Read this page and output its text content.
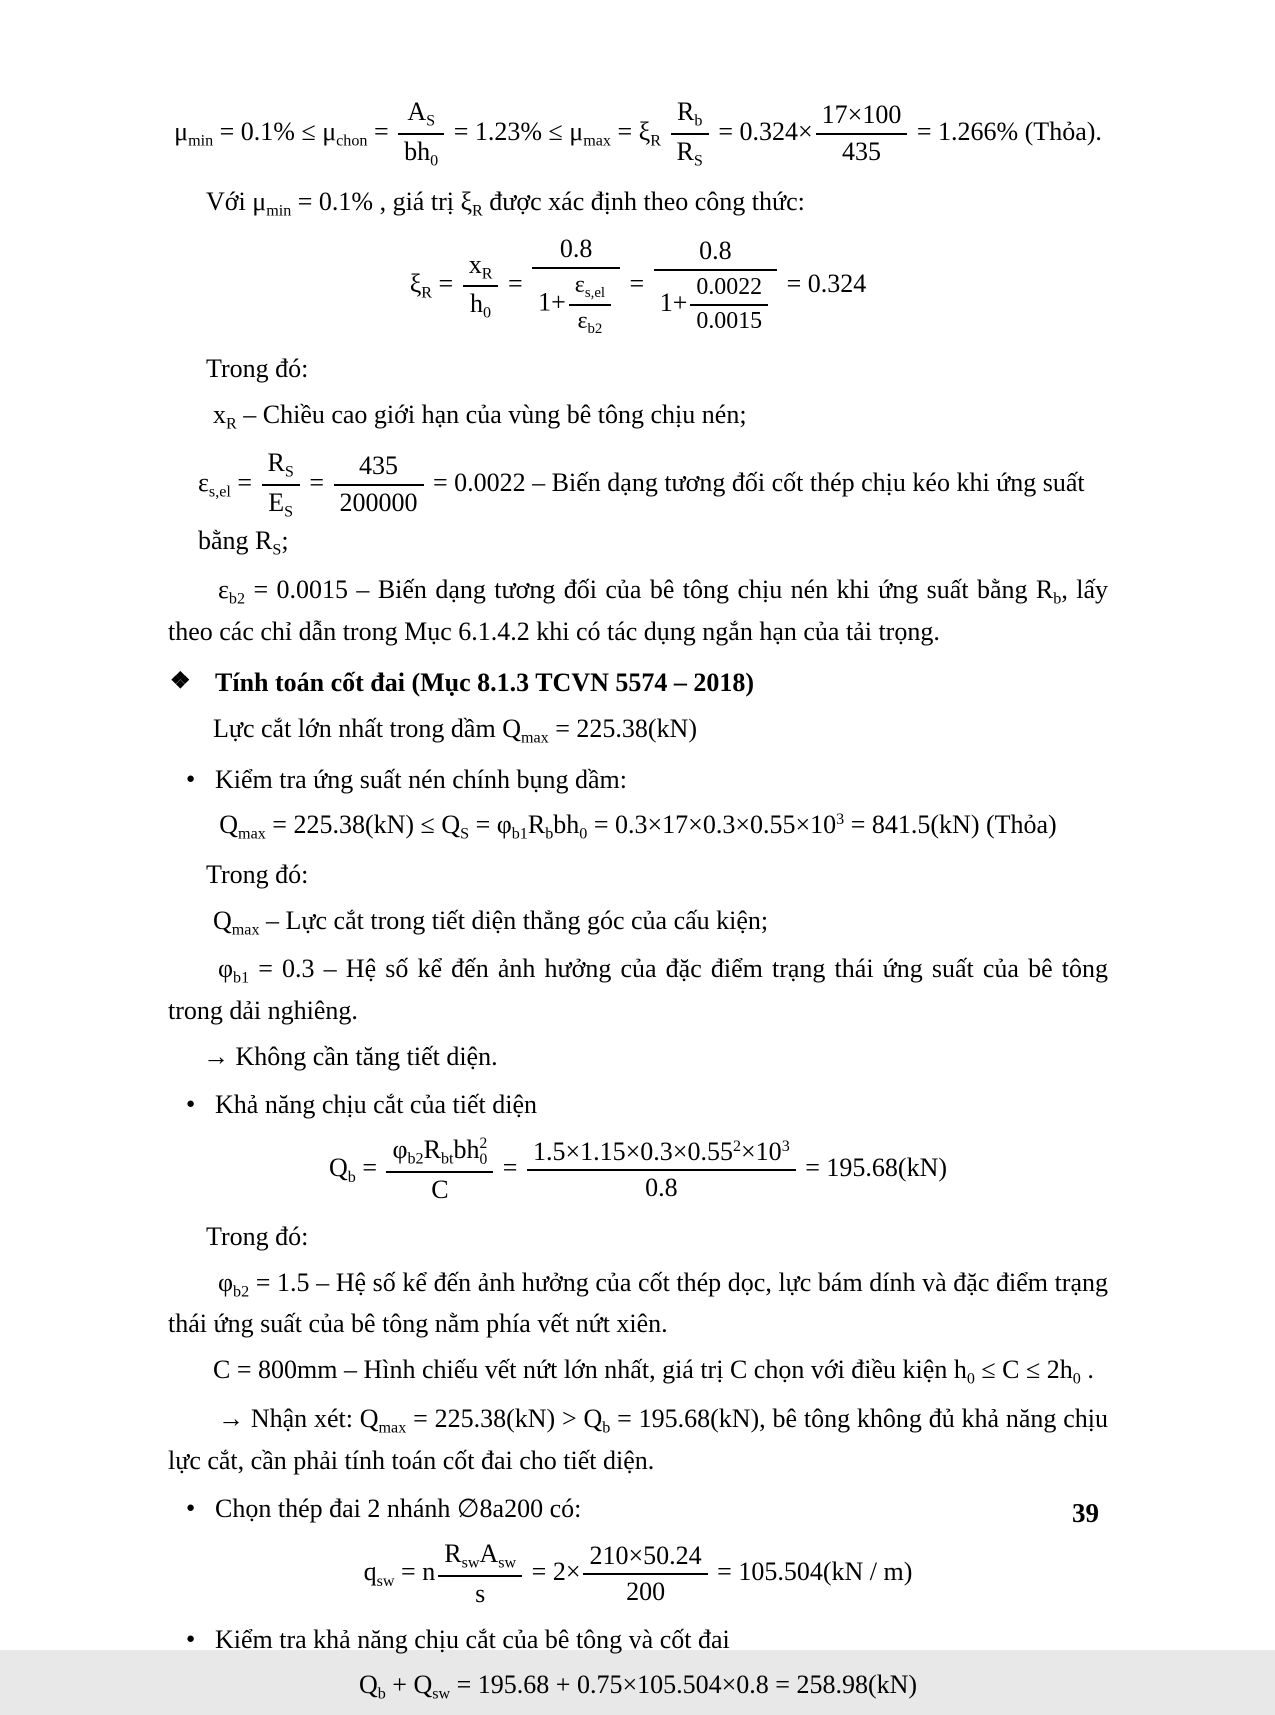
$\mu_{min} = 0.1\% \le \mu_{chon} = \frac{A_S}{bh_0} = 1.23\% \le \mu_{max} = \xi_R \frac{R_b}{R_S} = 0.324\times \frac{17\times 100}{435} = 1.266\%$ (Thỏa).

Với $\mu_{min} = 0.1\%$ , giá trị $\xi_R$ được xác định theo công thức:

$\xi_R = \frac{x_R}{h_0} = \frac{0.8}{1+ \frac{\varepsilon_{s,el}}{\varepsilon_{b2}}} = \frac{0.8}{1+ \frac{0.0022}{0.0015}} = 0.324$

Trong đó:

$x_R$ – Chiều cao giới hạn của vùng bê tông chịu nén;

$\varepsilon_{s,el} = \frac{R_S}{E_S} = \frac{435}{200000} = 0.0022$ – Biến dạng tương đối cốt thép chịu kéo khi ứng suất bằng $R_S$;

$\varepsilon_{b2} = 0.0015$ – Biến dạng tương đối của bê tông chịu nén khi ứng suất bằng $R_b$, lấy theo các chỉ dẫn trong Mục 6.1.4.2 khi có tác dụng ngắn hạn của tải trọng.

❖ Tính toán cốt đai (Mục 8.1.3 TCVN 5574 – 2018)

Lực cắt lớn nhất trong dầm $Q_{max} = 225.38(kN)$

● Kiểm tra ứng suất nén chính bụng dầm:
$Q_{max} = 225.38(kN) \le Q_S = \varphi_{b1}R_bbh_0 = 0.3\times 17\times 0.3\times 0.55\times 10^3 = 841.5(kN)$ (Thỏa)

Trong đó:

$Q_{max}$ – Lực cắt trong tiết diện thẳng góc của cấu kiện;

$\varphi_{b1} = 0.3$ – Hệ số kể đến ảnh hưởng của đặc điểm trạng thái ứng suất của bê tông trong dải nghiêng.

→ Không cần tăng tiết diện.

● Khả năng chịu cắt của tiết diện
$Q_b = \varphi_{b2}R_{bt}bh$ 2
0
$C = \frac{1.5\times 1.15\times 0.3\times 0.55^2\times 10^3}{0.8} = 195.68(kN)$

Trong đó:

$\varphi_{b2} = 1.5$ – Hệ số kể đến ảnh hưởng của cốt thép dọc, lực bám dính và đặc điểm trạng thái ứng suất của bê tông nằm phía vết nứt xiên.

C = 800mm – Hình chiếu vết nứt lớn nhất, giá trị C chọn với điều kiện $h_0 \le C \le 2h_0$ .

→ Nhận xét: $Q_{max} = 225.38(kN) > Q_b = 195.68(kN)$, bê tông không đủ khả năng chịu lực cắt, cần phải tính toán cốt đai cho tiết diện.

● Chọn thép đai 2 nhánh ∅8a200 có:
$q_{sw} = n \frac{R_{sw}A_{sw}}{s} = 2\times \frac{210\times 50.24}{200} = 105.504(kN / m)$
● Kiểm tra khả năng chịu cắt của bê tông và cốt đai
$Q_b + Q_{sw} = 195.68 + 0.75\times 105.504\times 0.8 = 258.98(kN)$
39
